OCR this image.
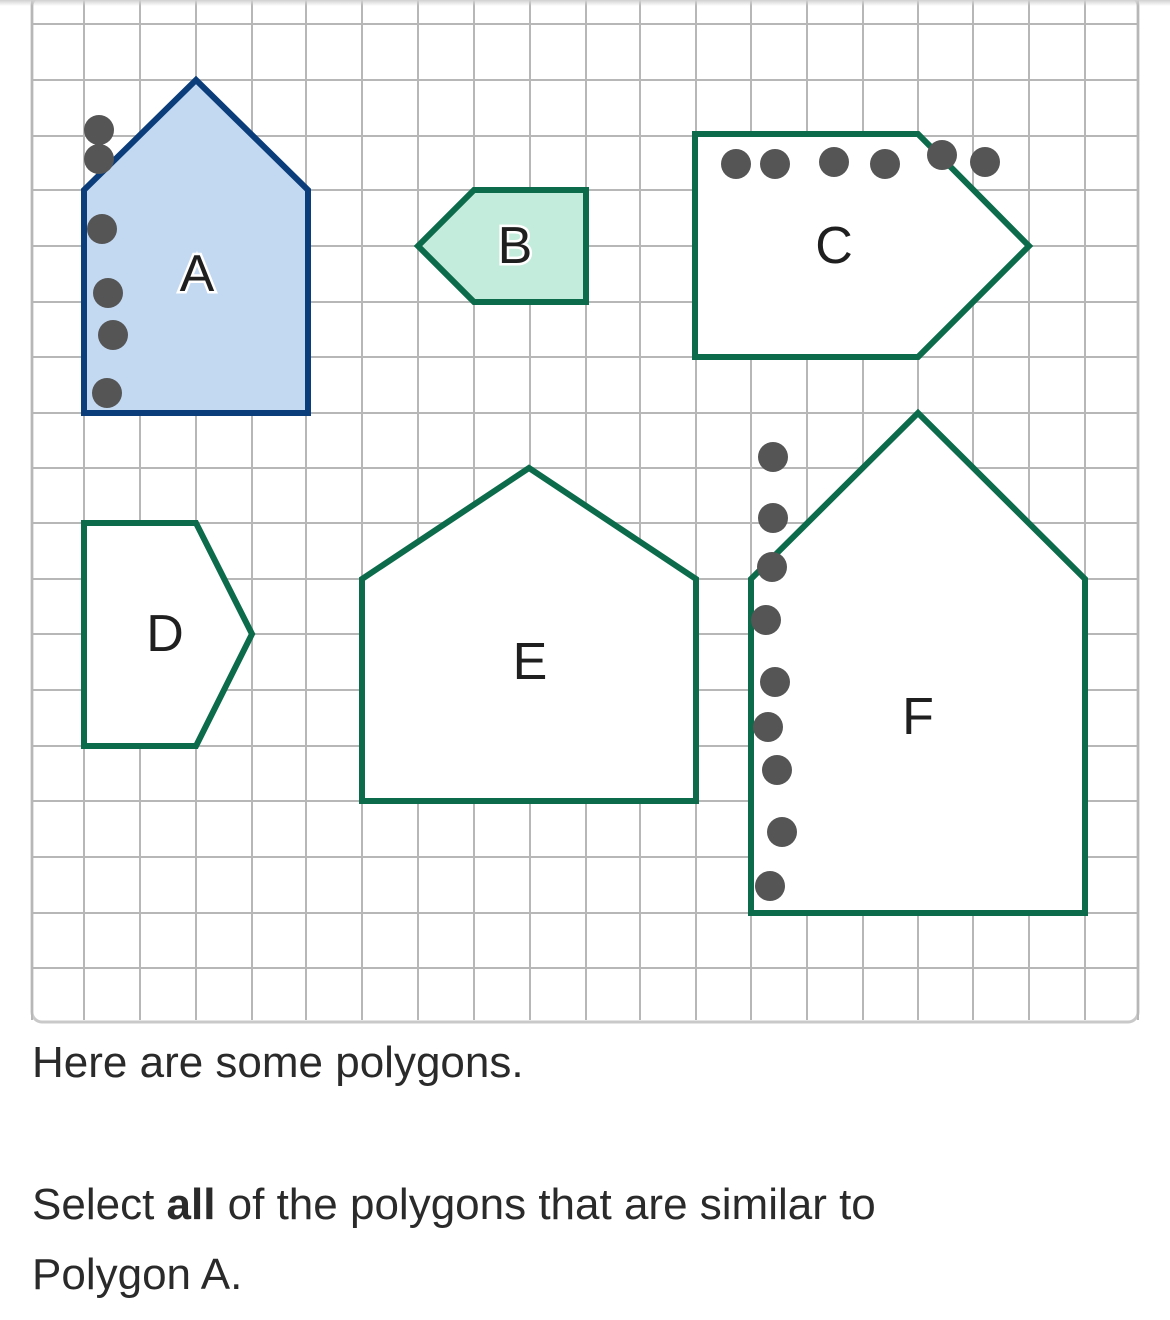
A	B	C
D	E
F

Here are some polygons.

Select all of the polygons that are similar to Polygon A.
